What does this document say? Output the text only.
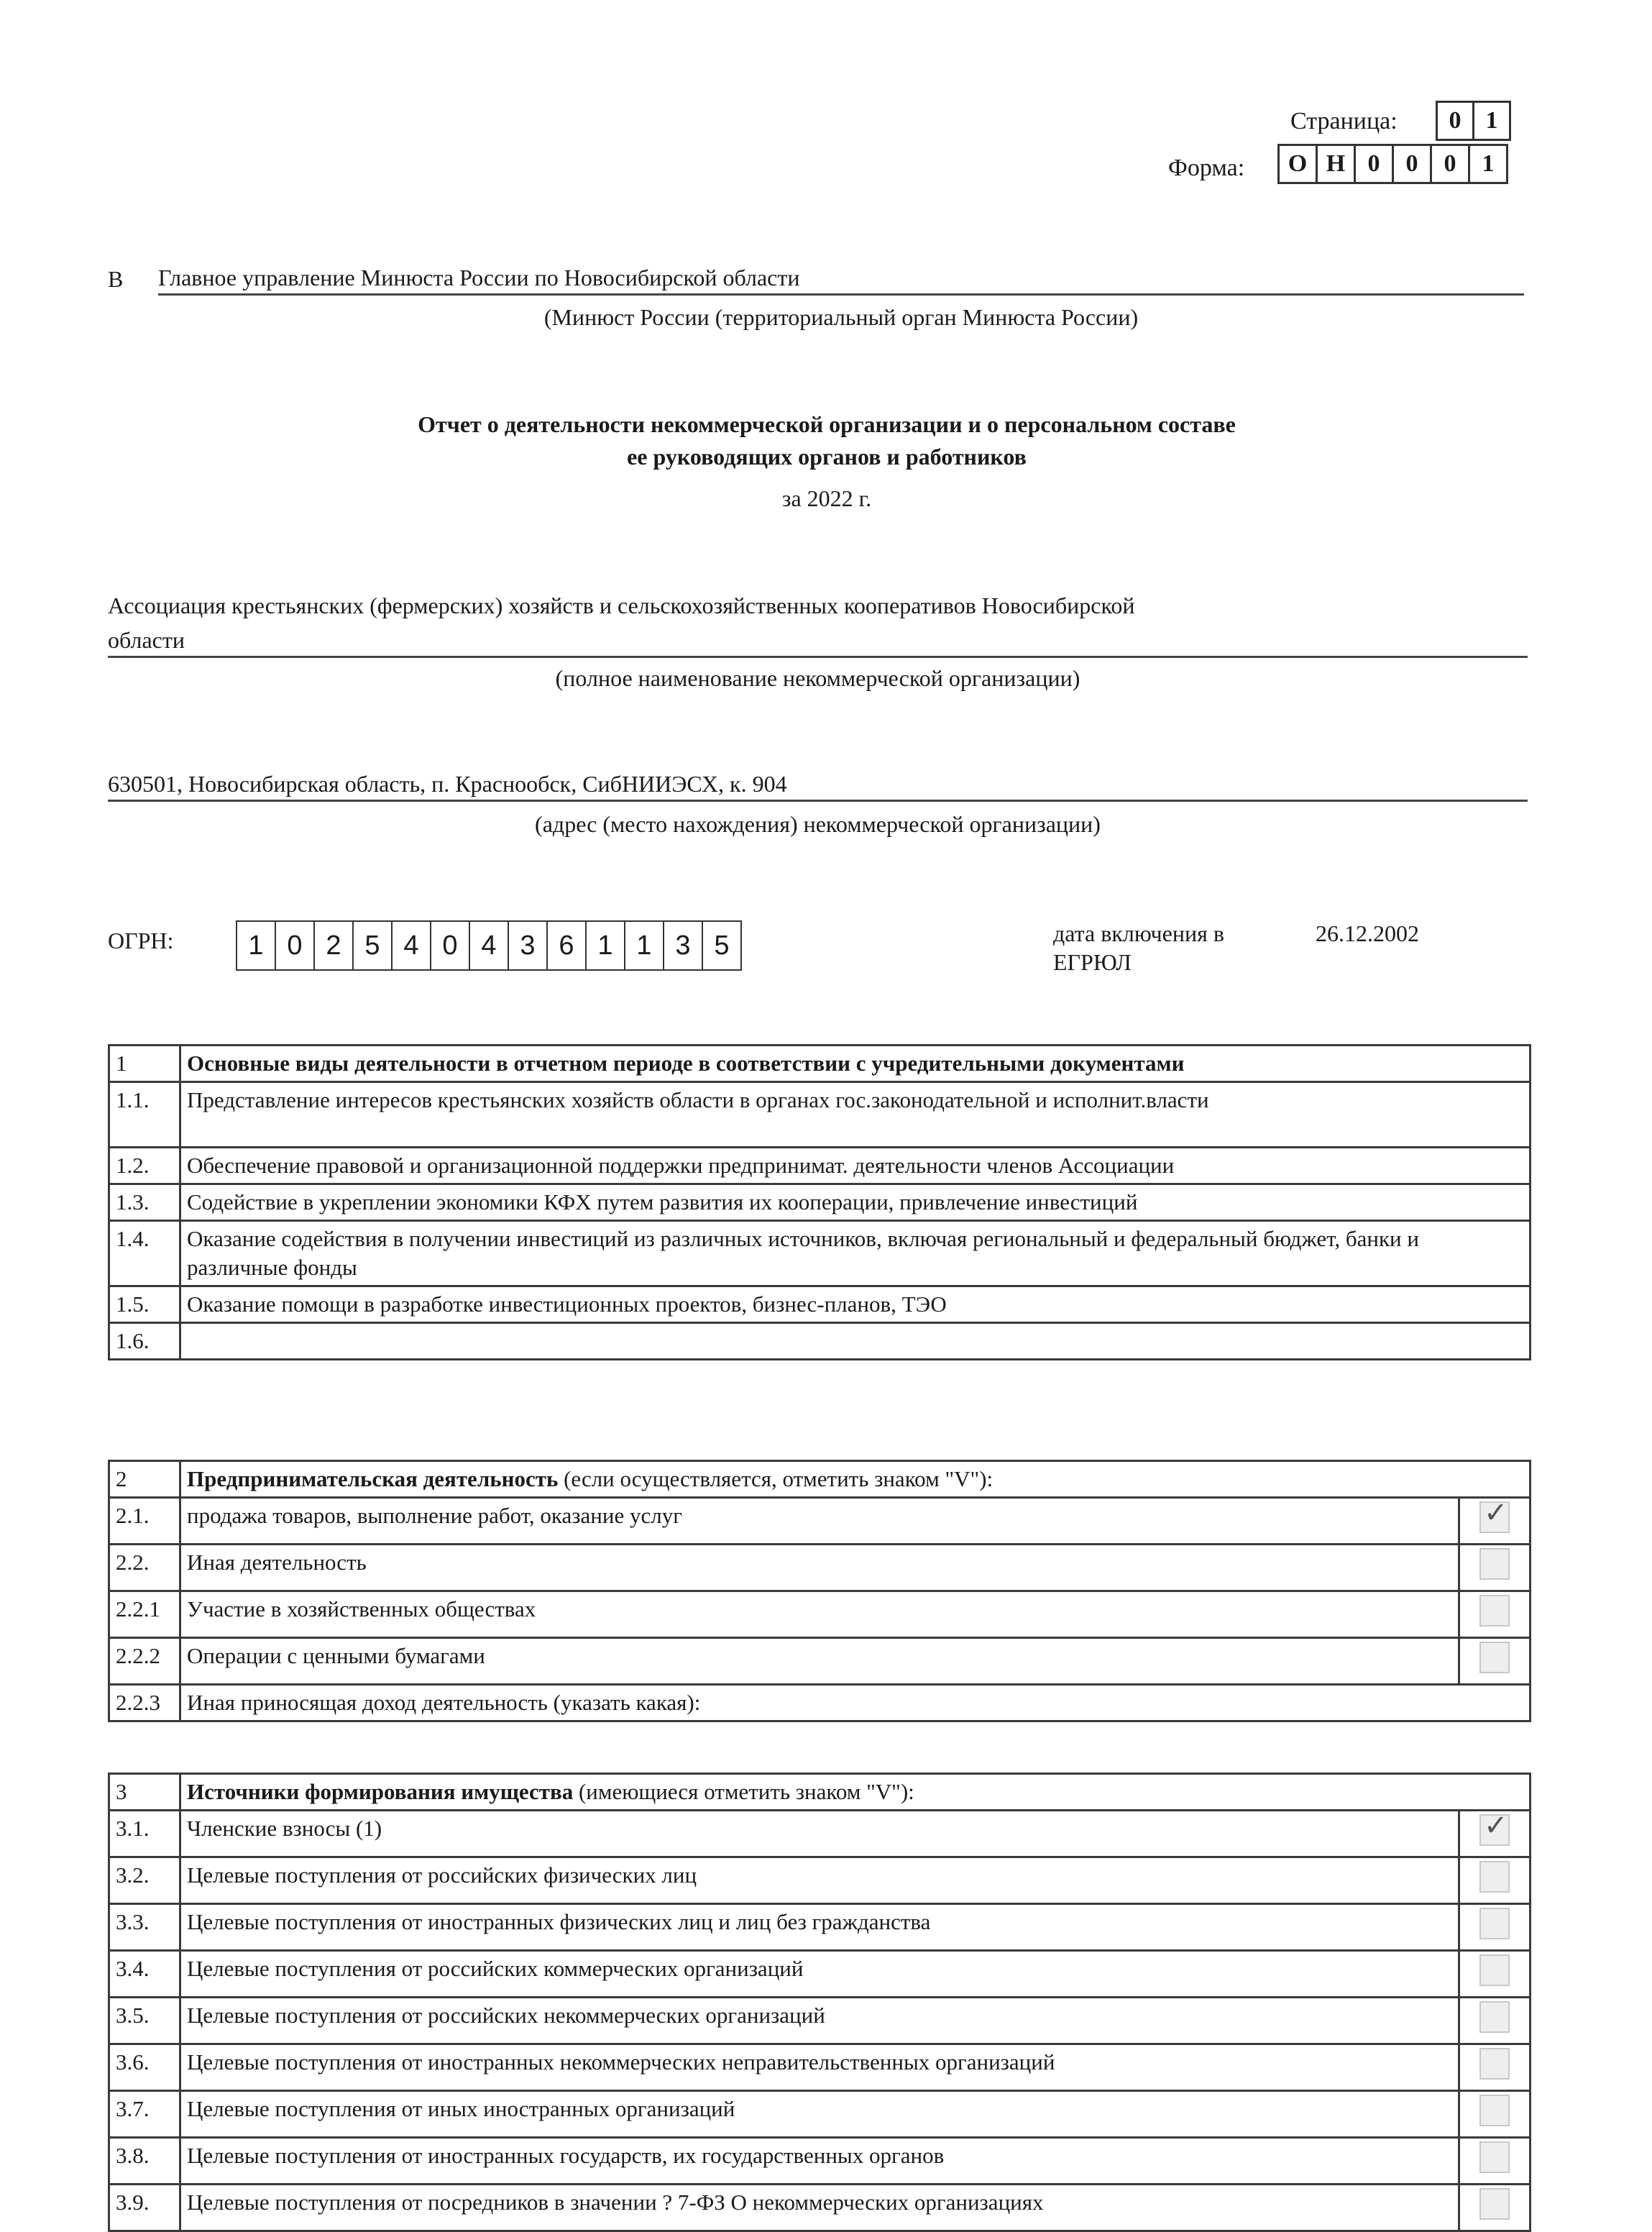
Страница:	0 1
Форма:	О Н 0 0 0 1
В Главное управление Минюста России по Новосибирской области
(Минюст России (территориальный орган Минюста России)
Отчет о деятельности некоммерческой организации и о персональном составе
ее руководящих органов и работников
за 2022 г.
Ассоциация крестьянских (фермерских) хозяйств и сельскохозяйственных кооперативов Новосибирской
области
(полное наименование некоммерческой организации)
630501, Новосибирская область, п. Краснообск, СибНИИЭСХ, к. 904
(адрес (место нахождения) некоммерческой организации)
ОГРН:	1 0 2 5 4 0 4 3 6 1 1 3 5	дата включения в
ЕГРЮЛ
26.12.2002
1	Основные виды деятельности в отчетном периоде в соответствии с учредительными документами
1.1.	Представление интересов крестьянских хозяйств области в органах гос.законодательной и исполнит.власти
1.2.	Обеспечение правовой и организационной поддержки предпринимат. деятельности членов Ассоциации
1.3.	Содействие в укреплении экономики КФХ путем развития их кооперации, привлечение инвестиций
1.4.	Оказание содействия в получении инвестиций из различных источников, включая региональный и федеральный бюджет, банки и различные фонды
1.5.	Оказание помощи в разработке инвестиционных проектов, бизнес-планов, ТЭО
1.6.	
2	Предпринимательская деятельность (если осуществляется, отметить знаком "V"):	
2.1.	продажа товаров, выполнение работ, оказание услуг	✓

2.2.	Иная деятельность	
2.2.1	Участие в хозяйственных обществах	
2.2.2	Операции с ценными бумагами	
2.2.3	Иная приносящая доход деятельность (указать какая):	
3	Источники формирования имущества (имеющиеся отметить знаком "V"):	
3.1.	Членские взносы (1)	✓

3.2.	Целевые поступления от российских физических лиц	
3.3.	Целевые поступления от иностранных физических лиц и лиц без гражданства	
3.4.	Целевые поступления от российских коммерческих организаций	
3.5.	Целевые поступления от российских некоммерческих организаций	
3.6.	Целевые поступления от иностранных некоммерческих неправительственных организаций	
3.7.	Целевые поступления от иных иностранных организаций	
3.8.	Целевые поступления от иностранных государств, их государственных органов	
3.9.	Целевые поступления от посредников в значении ? 7-ФЗ О некоммерческих организациях	
